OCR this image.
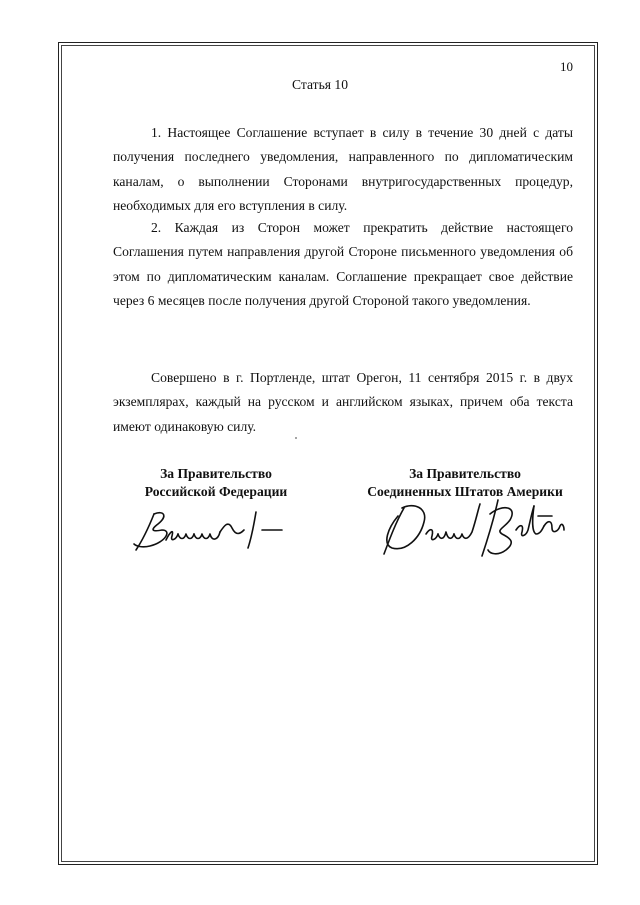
10
Статья 10

1. Настоящее Соглашение вступает в силу в течение 30 дней с даты получения последнего уведомления, направленного по дипломатическим каналам, о выполнении Сторонами внутригосударственных процедур, необходимых для его вступления в силу.

2. Каждая из Сторон может прекратить действие настоящего Соглашения путем направления другой Стороне письменного уведомления об этом по дипломатическим каналам. Соглашение прекращает свое действие через 6 месяцев после получения другой Стороной такого уведомления.

Совершено в г. Портленде, штат Орегон, 11 сентября 2015 г. в двух экземплярах, каждый на русском и английском языках, причем оба текста имеют одинаковую силу.

За Правительство
Российской Федерации
За Правительство
Соединенных Штатов Америки
